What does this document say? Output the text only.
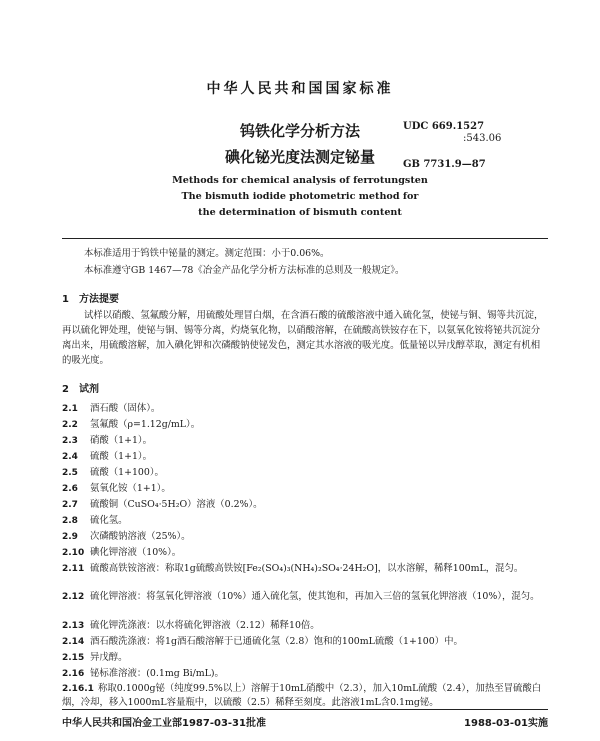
中华人民共和国国家标准
钨铁化学分析方法
碘化铋光度法测定铋量
UDC 669.1527
:543.06
GB 7731.9—87
Methods for chemical analysis of ferrotungsten
The bismuth iodide photometric method for
the determination of bismuth content
本标准适用于钨铁中铋量的测定。测定范围：小于0.06%。
本标准遵守GB 1467—78《冶金产品化学分析方法标准的总则及一般规定》。
1　方法提要
试样以硝酸、氢氟酸分解，用硫酸处理冒白烟，在含酒石酸的硫酸溶液中通入硫化氢，使铋与铜、锡等共沉淀，再以硫化钾处理，使铋与铜、锡等分离，灼烧氧化物，以硝酸溶解，在硫酸高铁铵存在下，以氨氧化铵将铋共沉淀分离出来，用硫酸溶解，加入碘化钾和次磷酸钠使铋发色，测定其水溶液的吸光度。低量铋以异戊醇萃取，测定有机相的吸光度。
2　试剂
2.1 酒石酸（固体）。
2.2 氢氟酸（ρ=1.12g/mL）。
2.3 硝酸（1+1）。
2.4 硫酸（1+1）。
2.5 硫酸（1+100）。
2.6 氨氧化铵（1+1）。
2.7 硫酸铜（CuSO₄·5H₂O）溶液（0.2%）。
2.8 硫化氢。
2.9 次磷酸钠溶液（25%）。
2.10 碘化钾溶液（10%）。
2.11 硫酸高铁铵溶液：称取1g硫酸高铁铵[Fe₂(SO₄)₃(NH₄)₂SO₄·24H₂O]，以水溶解，稀释100mL，混匀。
2.12 硫化钾溶液：将氢氧化钾溶液（10%）通入硫化氢，使其饱和，再加入三倍的氢氧化钾溶液（10%），混匀。
2.13 硫化钾洗涤液：以水将硫化钾溶液（2.12）稀释10倍。
2.14 酒石酸洗涤液：将1g酒石酸溶解于已通硫化氢（2.8）饱和的100mL硫酸（1+100）中。
2.15 异戊醇。
2.16 铋标准溶液：(0.1mg Bi/mL)。
2.16.1 称取0.1000g铋（纯度99.5%以上）溶解于10mL硝酸中（2.3），加入10mL硫酸（2.4），加热至冒硫酸白烟，冷却，移入1000mL容量瓶中，以硫酸（2.5）稀释至刻度。此溶液1mL含0.1mg铋。
中华人民共和国冶金工业部1987-03-31批准	1988-03-01实施
